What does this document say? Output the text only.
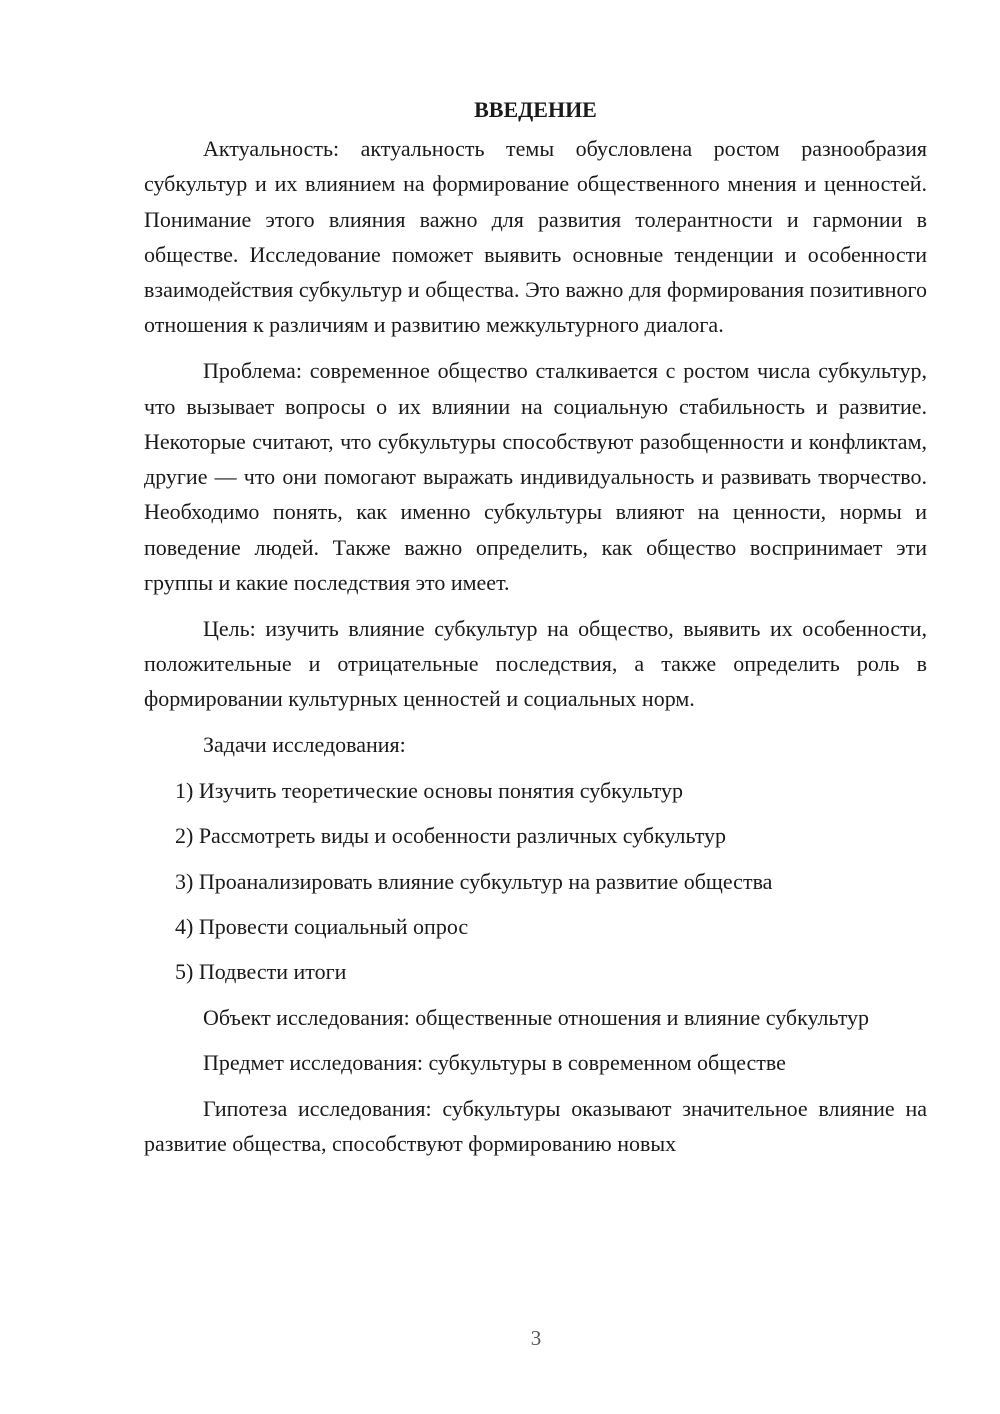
ВВЕДЕНИЕ

Актуальность: актуальность темы обусловлена ростом разнообразия субкультур и их влиянием на формирование общественного мнения и ценностей. Понимание этого влияния важно для развития толерантности и гармонии в обществе. Исследование поможет выявить основные тенденции и особенности взаимодействия субкультур и общества. Это важно для формирования позитивного отношения к различиям и развитию межкультурного диалога.

Проблема: современное общество сталкивается с ростом числа субкультур, что вызывает вопросы о их влиянии на социальную стабильность и развитие. Некоторые считают, что субкультуры способствуют разобщенности и конфликтам, другие — что они помогают выражать индивидуальность и развивать творчество. Необходимо понять, как именно субкультуры влияют на ценности, нормы и поведение людей. Также важно определить, как общество воспринимает эти группы и какие последствия это имеет.

Цель: изучить влияние субкультур на общество, выявить их особенности, положительные и отрицательные последствия, а также определить роль в формировании культурных ценностей и социальных норм.

Задачи исследования:

1) Изучить теоретические основы понятия субкультур
2) Рассмотреть виды и особенности различных субкультур
3) Проанализировать влияние субкультур на развитие общества
4) Провести социальный опрос
5) Подвести итоги

Объект исследования: общественные отношения и влияние субкультур

Предмет исследования: субкультуры в современном обществе

Гипотеза исследования: субкультуры оказывают значительное влияние на развитие общества, способствуют формированию новых

3
